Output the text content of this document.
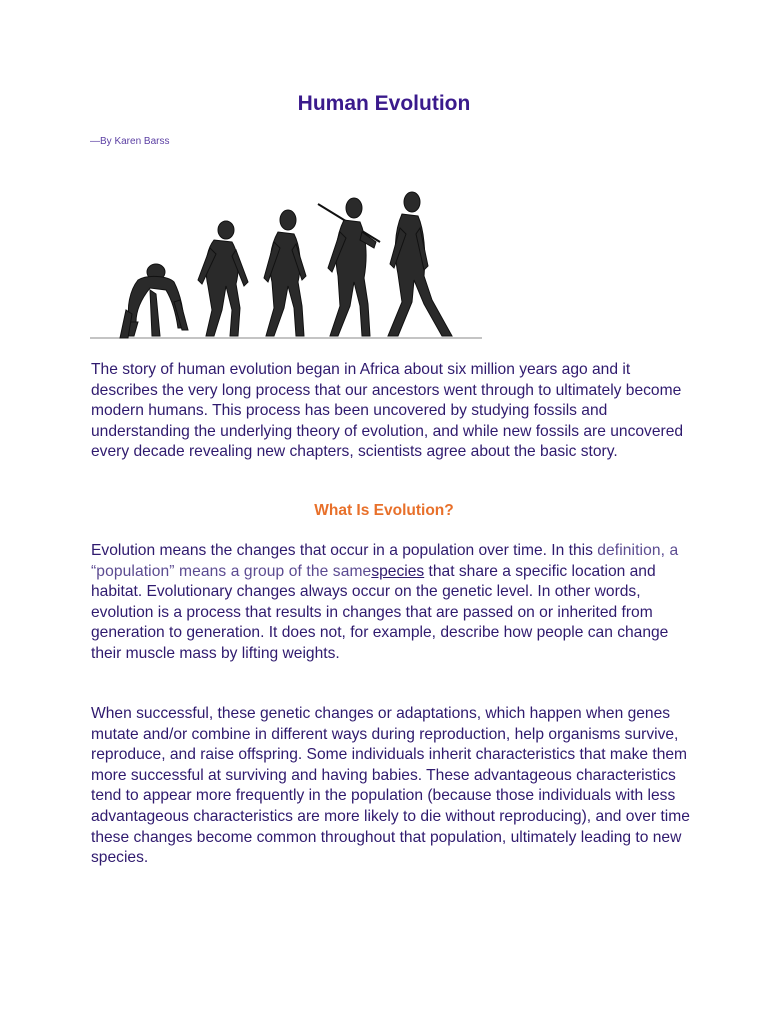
Human Evolution

—By Karen Barss

The story of human evolution began in Africa about six million years ago and it describes the very long process that our ancestors went through to ultimately become modern humans. This process has been uncovered by studying fossils and understanding the underlying theory of evolution, and while new fossils are uncovered every decade revealing new chapters, scientists agree about the basic story.

What Is Evolution?

Evolution means the changes that occur in a population over time. In this definition, a “population” means a group of the samespecies that share a specific location and habitat. Evolutionary changes always occur on the genetic level. In other words, evolution is a process that results in changes that are passed on or inherited from generation to generation. It does not, for example, describe how people can change their muscle mass by lifting weights.

When successful, these genetic changes or adaptations, which happen when genes mutate and/or combine in different ways during reproduction, help organisms survive, reproduce, and raise offspring. Some individuals inherit characteristics that make them more successful at surviving and having babies. These advantageous characteristics tend to appear more frequently in the population (because those individuals with less advantageous characteristics are more likely to die without reproducing), and over time these changes become common throughout that population, ultimately leading to new species.
